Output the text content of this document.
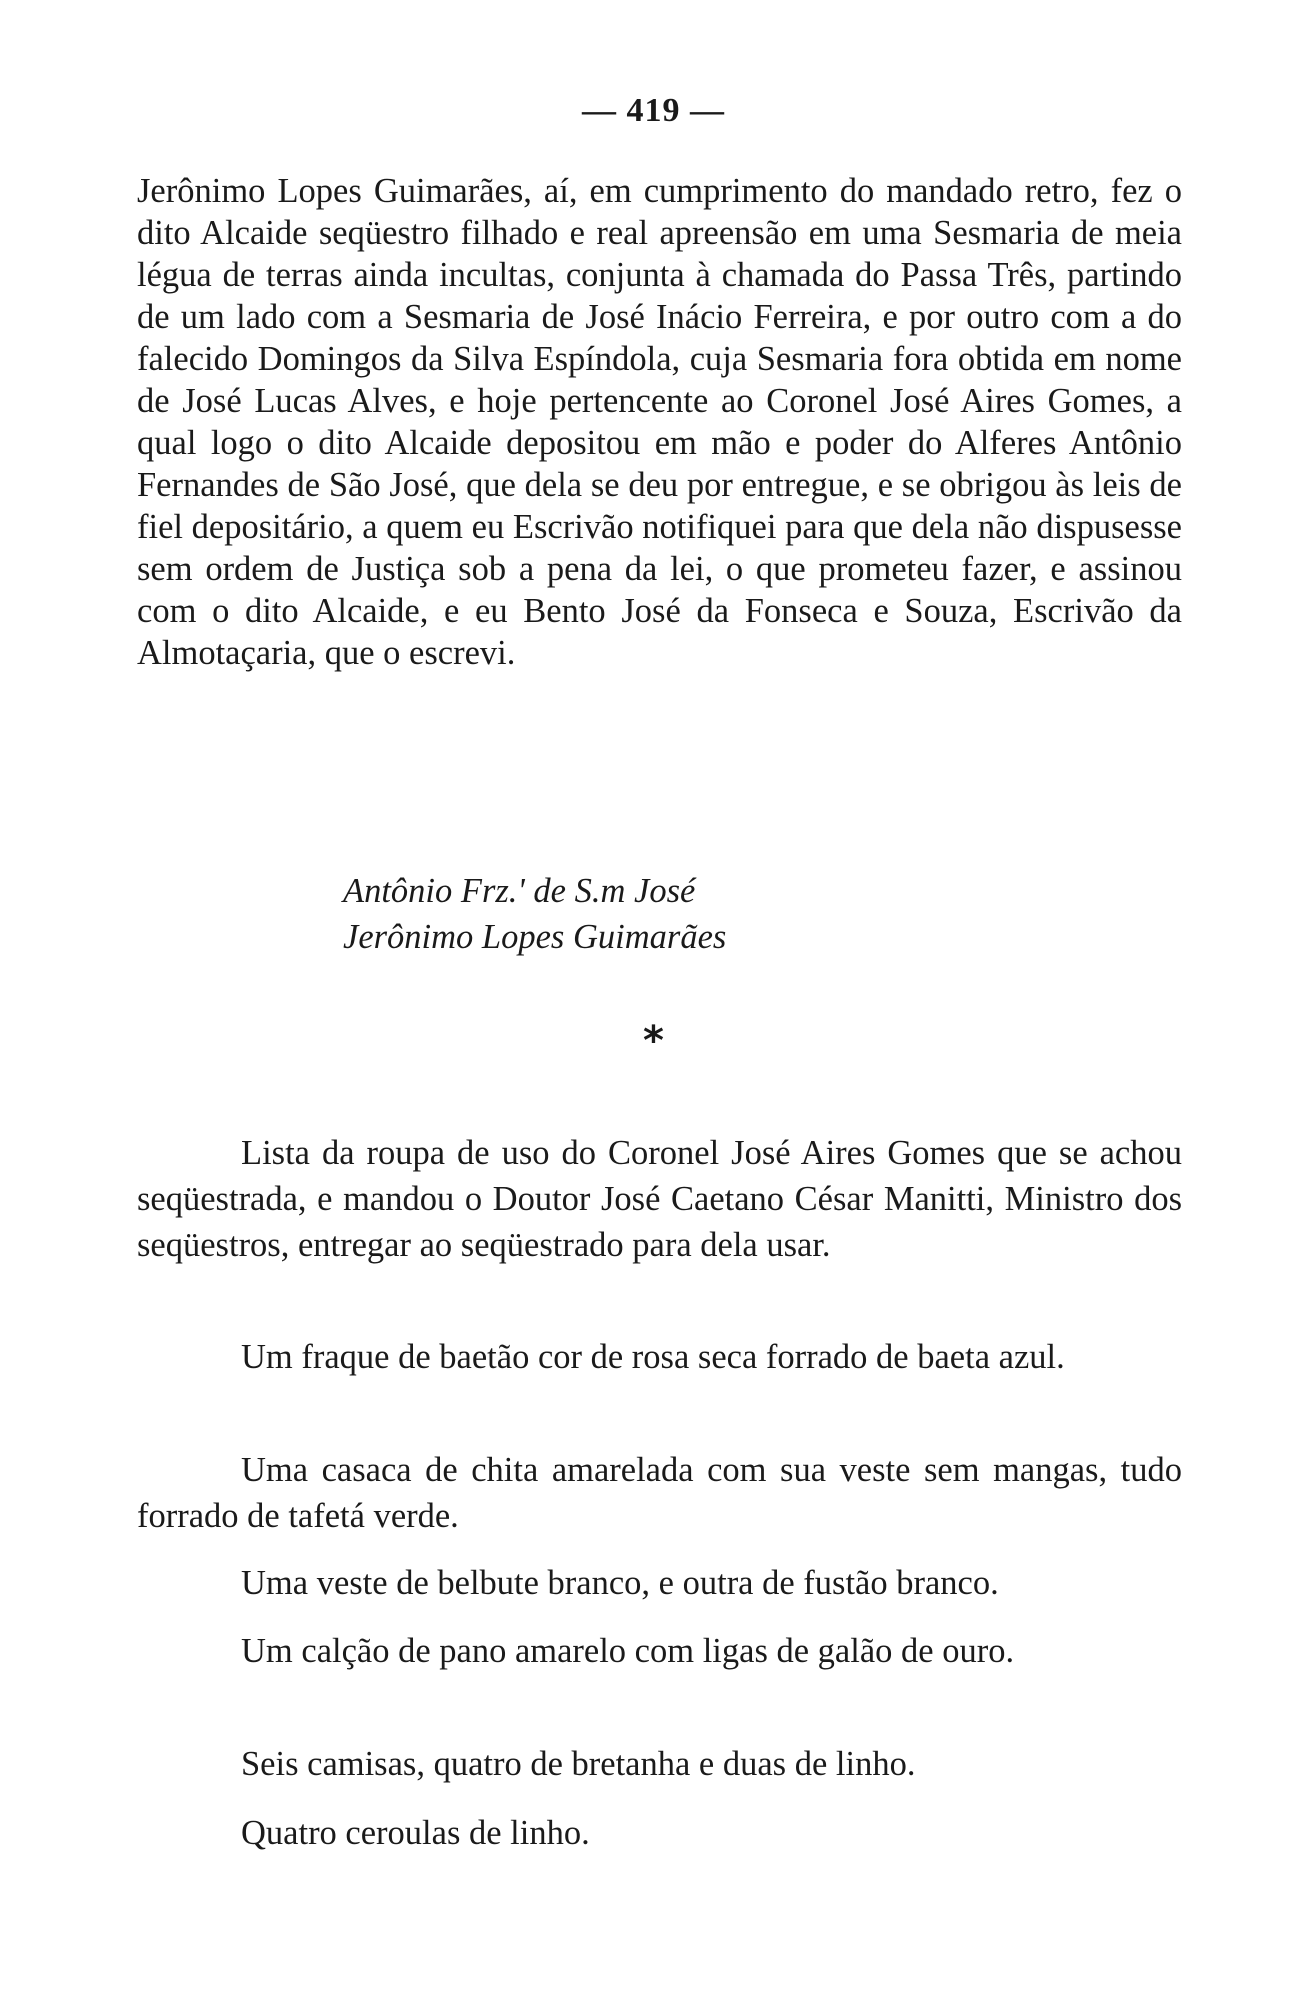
— 419 —
Jerônimo Lopes Guimarães, aí, em cumprimento do mandado retro, fez o dito Alcaide seqüestro filhado e real apreensão em uma Sesmaria de meia légua de terras ainda incultas, conjunta à chamada do Passa Três, partindo de um lado com a Sesmaria de José Inácio Ferreira, e por outro com a do falecido Domingos da Silva Espíndola, cuja Sesmaria fora obtida em nome de José Lucas Alves, e hoje pertencente ao Coronel José Aires Gomes, a qual logo o dito Alcaide depositou em mão e poder do Alferes Antônio Fernandes de São José, que dela se deu por entregue, e se obrigou às leis de fiel depositário, a quem eu Escrivão notifiquei para que dela não dispusesse sem ordem de Justiça sob a pena da lei, o que prometeu fazer, e assinou com o dito Alcaide, e eu Bento José da Fonseca e Souza, Escrivão da Almotaçaria, que o escrevi.
Antônio Frz.' de S.m José
Jerônimo Lopes Guimarães
*

Lista da roupa de uso do Coronel José Aires Gomes que se achou seqüestrada, e mandou o Doutor José Caetano César Manitti, Ministro dos seqüestros, entregar ao seqüestrado para dela usar.

Um fraque de baetão cor de rosa seca forrado de baeta azul.

Uma casaca de chita amarelada com sua veste sem mangas, tudo forrado de tafetá verde.

Uma veste de belbute branco, e outra de fustão branco.

Um calção de pano amarelo com ligas de galão de ouro.

Seis camisas, quatro de bretanha e duas de linho.

Quatro ceroulas de linho.
